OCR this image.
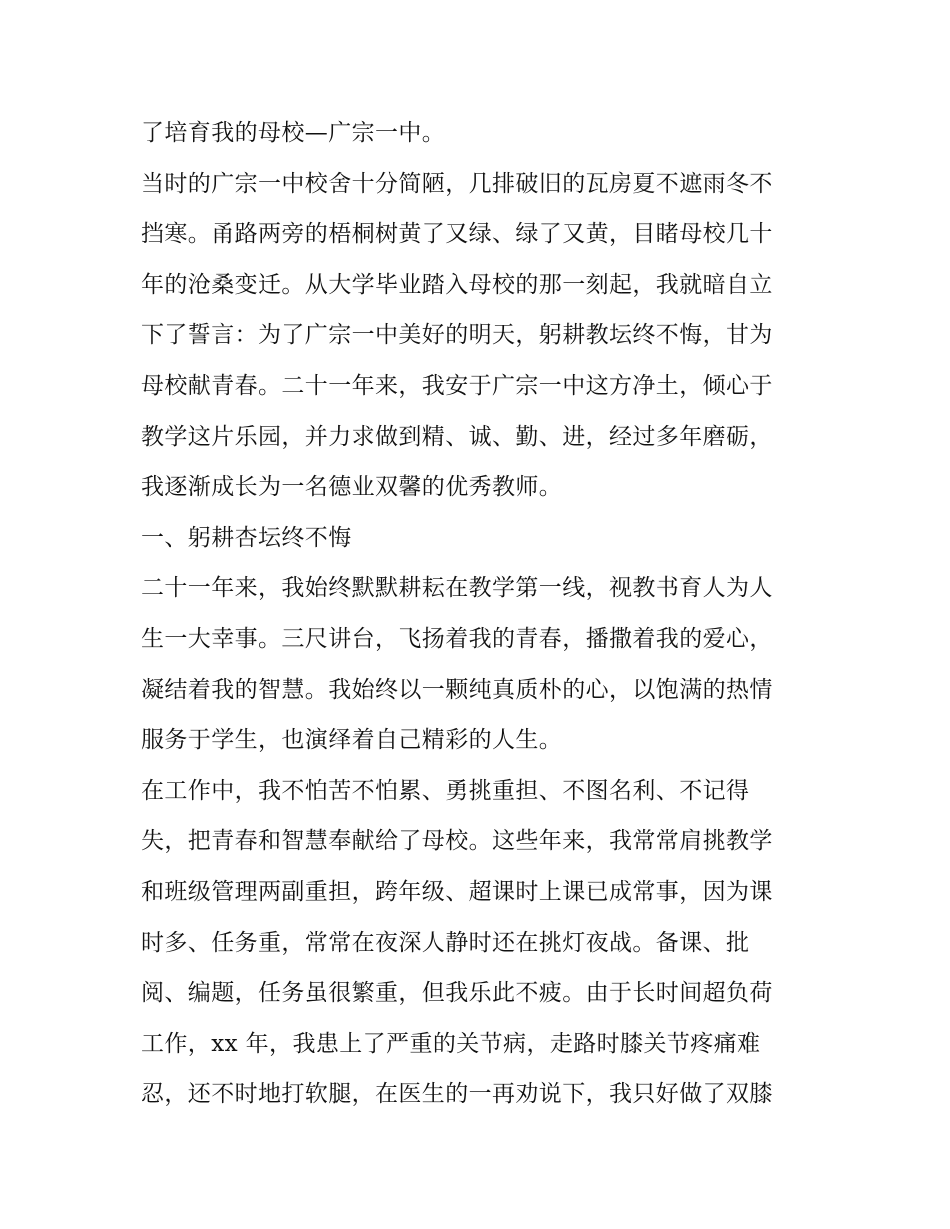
了培育我的母校—广宗一中。
当时的广宗一中校舍十分简陋，几排破旧的瓦房夏不遮雨冬不
挡寒。甬路两旁的梧桐树黄了又绿、绿了又黄，目睹母校几十
年的沧桑变迁。从大学毕业踏入母校的那一刻起，我就暗自立
下了誓言：为了广宗一中美好的明天，躬耕教坛终不悔，甘为
母校献青春。二十一年来，我安于广宗一中这方净土，倾心于
教学这片乐园，并力求做到精、诚、勤、进，经过多年磨砺，
我逐渐成长为一名德业双馨的优秀教师。
一、躬耕杏坛终不悔
二十一年来，我始终默默耕耘在教学第一线，视教书育人为人
生一大幸事。三尺讲台，飞扬着我的青春，播撒着我的爱心，
凝结着我的智慧。我始终以一颗纯真质朴的心，以饱满的热情
服务于学生，也演绎着自己精彩的人生。
在工作中，我不怕苦不怕累、勇挑重担、不图名利、不记得
失，把青春和智慧奉献给了母校。这些年来，我常常肩挑教学
和班级管理两副重担，跨年级、超课时上课已成常事，因为课
时多、任务重，常常在夜深人静时还在挑灯夜战。备课、批
阅、编题，任务虽很繁重，但我乐此不疲。由于长时间超负荷
工作，xx 年，我患上了严重的关节病，走路时膝关节疼痛难
忍，还不时地打软腿，在医生的一再劝说下，我只好做了双膝
